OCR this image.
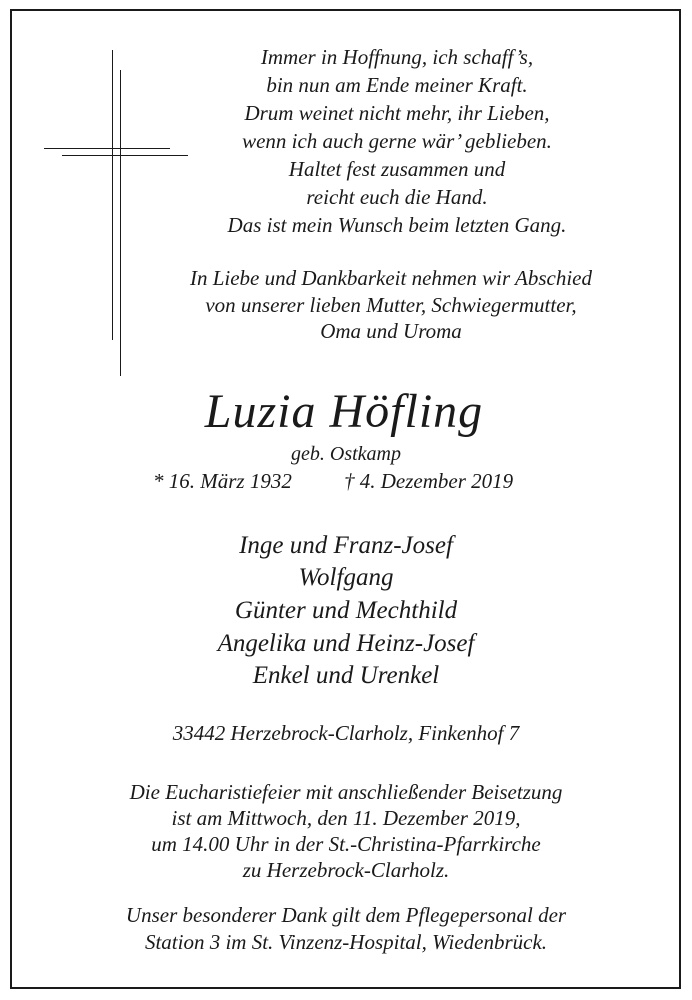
Immer in Hoffnung, ich schaff’s,
bin nun am Ende meiner Kraft.
Drum weinet nicht mehr, ihr Lieben,
wenn ich auch gerne wär’ geblieben.
Haltet fest zusammen und
reicht euch die Hand.
Das ist mein Wunsch beim letzten Gang.
In Liebe und Dankbarkeit nehmen wir Abschied
von unserer lieben Mutter, Schwiegermutter,
Oma und Uroma
Luzia Höfling
geb. Ostkamp
* 16. März 1932 † 4. Dezember 2019
Inge und Franz-Josef
Wolfgang
Günter und Mechthild
Angelika und Heinz-Josef
Enkel und Urenkel
33442 Herzebrock-Clarholz, Finkenhof 7
Die Eucharistiefeier mit anschließender Beisetzung
ist am Mittwoch, den 11. Dezember 2019,
um 14.00 Uhr in der St.-Christina-Pfarrkirche
zu Herzebrock-Clarholz.
Unser besonderer Dank gilt dem Pflegepersonal der
Station 3 im St. Vinzenz-Hospital, Wiedenbrück.
